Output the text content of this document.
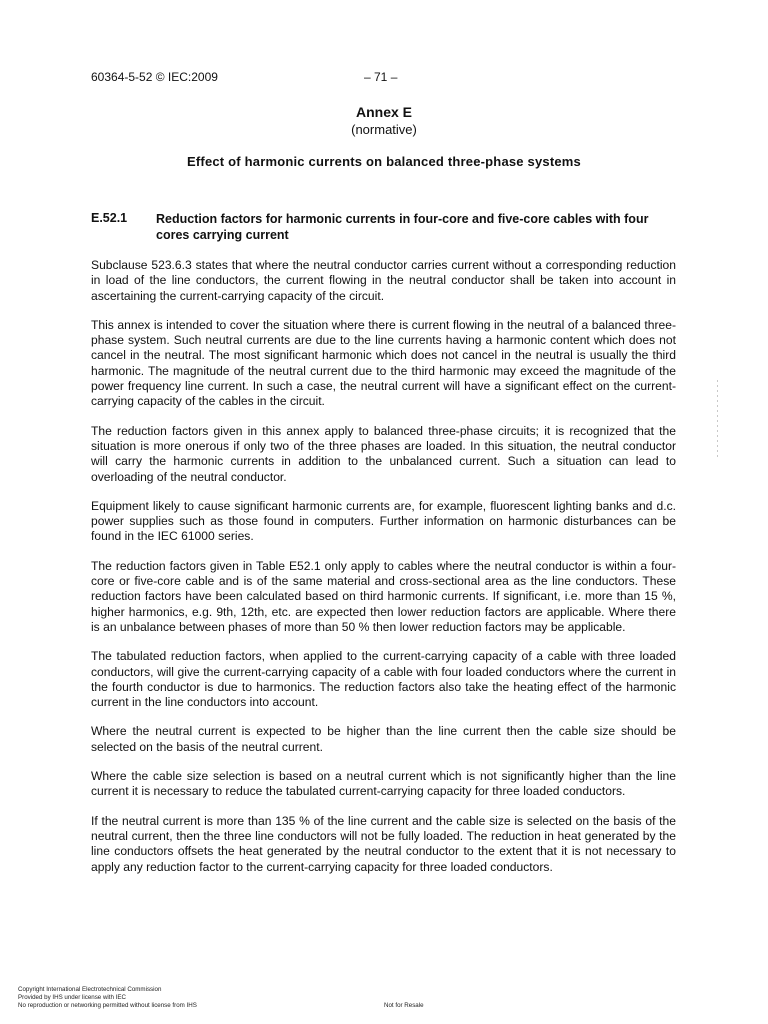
60364-5-52 © IEC:2009	– 71 –
Annex E
(normative)
Effect of harmonic currents on balanced three-phase systems
E.52.1 Reduction factors for harmonic currents in four-core and five-core cables with four cores carrying current

Subclause 523.6.3 states that where the neutral conductor carries current without a corresponding reduction in load of the line conductors, the current flowing in the neutral conductor shall be taken into account in ascertaining the current-carrying capacity of the circuit.

This annex is intended to cover the situation where there is current flowing in the neutral of a balanced three-phase system. Such neutral currents are due to the line currents having a harmonic content which does not cancel in the neutral. The most significant harmonic which does not cancel in the neutral is usually the third harmonic. The magnitude of the neutral current due to the third harmonic may exceed the magnitude of the power frequency line current. In such a case, the neutral current will have a significant effect on the current-carrying capacity of the cables in the circuit.

The reduction factors given in this annex apply to balanced three-phase circuits; it is recognized that the situation is more onerous if only two of the three phases are loaded. In this situation, the neutral conductor will carry the harmonic currents in addition to the unbalanced current. Such a situation can lead to overloading of the neutral conductor.

Equipment likely to cause significant harmonic currents are, for example, fluorescent lighting banks and d.c. power supplies such as those found in computers. Further information on harmonic disturbances can be found in the IEC 61000 series.

The reduction factors given in Table E52.1 only apply to cables where the neutral conductor is within a four-core or five-core cable and is of the same material and cross-sectional area as the line conductors. These reduction factors have been calculated based on third harmonic currents. If significant, i.e. more than 15 %, higher harmonics, e.g. 9th, 12th, etc. are expected then lower reduction factors are applicable. Where there is an unbalance between phases of more than 50 % then lower reduction factors may be applicable.

The tabulated reduction factors, when applied to the current-carrying capacity of a cable with three loaded conductors, will give the current-carrying capacity of a cable with four loaded conductors where the current in the fourth conductor is due to harmonics. The reduction factors also take the heating effect of the harmonic current in the line conductors into account.

Where the neutral current is expected to be higher than the line current then the cable size should be selected on the basis of the neutral current.

Where the cable size selection is based on a neutral current which is not significantly higher than the line current it is necessary to reduce the tabulated current-carrying capacity for three loaded conductors.

If the neutral current is more than 135 % of the line current and the cable size is selected on the basis of the neutral current, then the three line conductors will not be fully loaded. The reduction in heat generated by the line conductors offsets the heat generated by the neutral conductor to the extent that it is not necessary to apply any reduction factor to the current-carrying capacity for three loaded conductors.

Copyright International Electrotechnical Commission
Provided by IHS under license with IEC
No reproduction or networking permitted without license from IHS	Not for Resale
